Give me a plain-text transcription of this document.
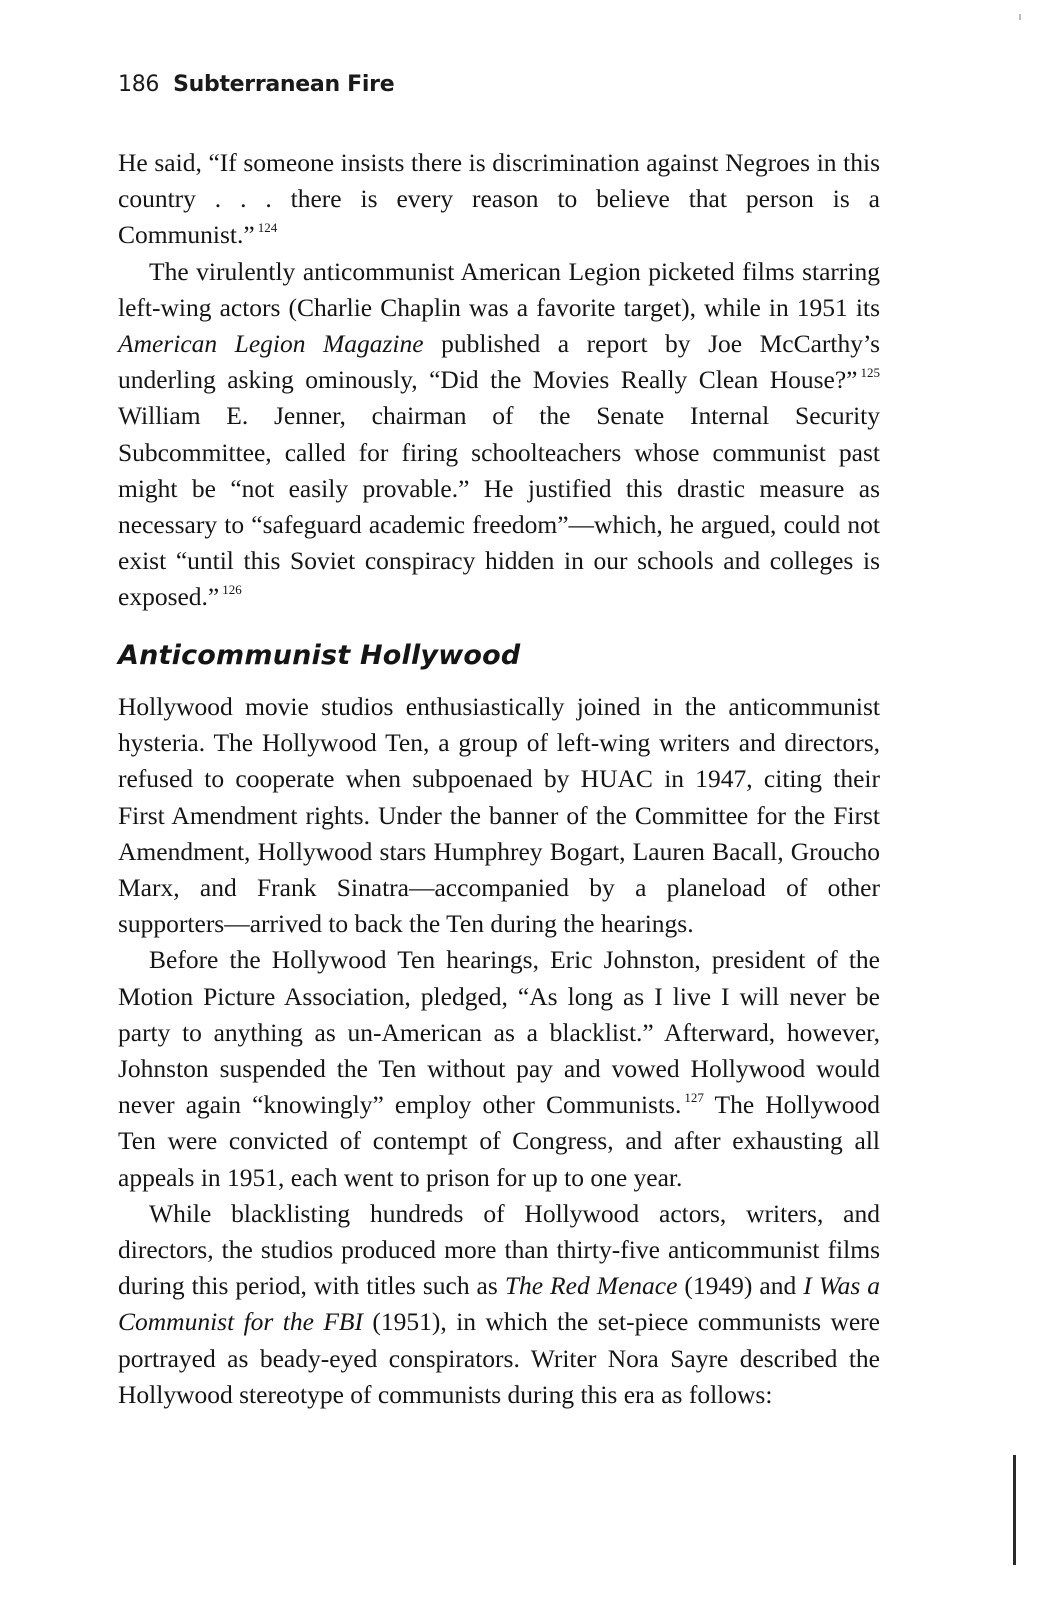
186 Subterranean Fire

He said, “If someone insists there is discrimination against Negroes in this country . . . there is every reason to believe that person is a Communist.” $^{124}$

The virulently anticommunist American Legion picketed films starring left-wing actors (Charlie Chaplin was a favorite target), while in 1951 its American Legion Magazine published a report by Joe McCarthy’s underling asking ominously, “Did the Movies Really Clean House?” $^{125}$ William E. Jenner, chairman of the Senate Internal Security Subcommittee, called for firing schoolteachers whose communist past might be “not easily provable.” He justified this drastic measure as necessary to “safeguard academic freedom”—which, he argued, could not exist “until this Soviet conspiracy hidden in our schools and colleges is exposed.” $^{126}$

Anticommunist Hollywood

Hollywood movie studios enthusiastically joined in the anticommunist hysteria. The Hollywood Ten, a group of left-wing writers and directors, refused to cooperate when subpoenaed by HUAC in 1947, citing their First Amendment rights. Under the banner of the Committee for the First Amendment, Hollywood stars Humphrey Bogart, Lauren Bacall, Groucho Marx, and Frank Sinatra—accompanied by a planeload of other supporters—arrived to back the Ten during the hearings.

Before the Hollywood Ten hearings, Eric Johnston, president of the Motion Picture Association, pledged, “As long as I live I will never be party to anything as un-American as a blacklist.” Afterward, however, Johnston suspended the Ten without pay and vowed Hollywood would never again “knowingly” employ other Communists. $^{127}$ The Hollywood Ten were convicted of contempt of Congress, and after exhausting all appeals in 1951, each went to prison for up to one year.

While blacklisting hundreds of Hollywood actors, writers, and directors, the studios produced more than thirty-five anticommunist films during this period, with titles such as The Red Menace (1949) and I Was a Communist for the FBI (1951), in which the set-piece communists were portrayed as beady-eyed conspirators. Writer Nora Sayre described the Hollywood stereotype of communists during this era as follows:
